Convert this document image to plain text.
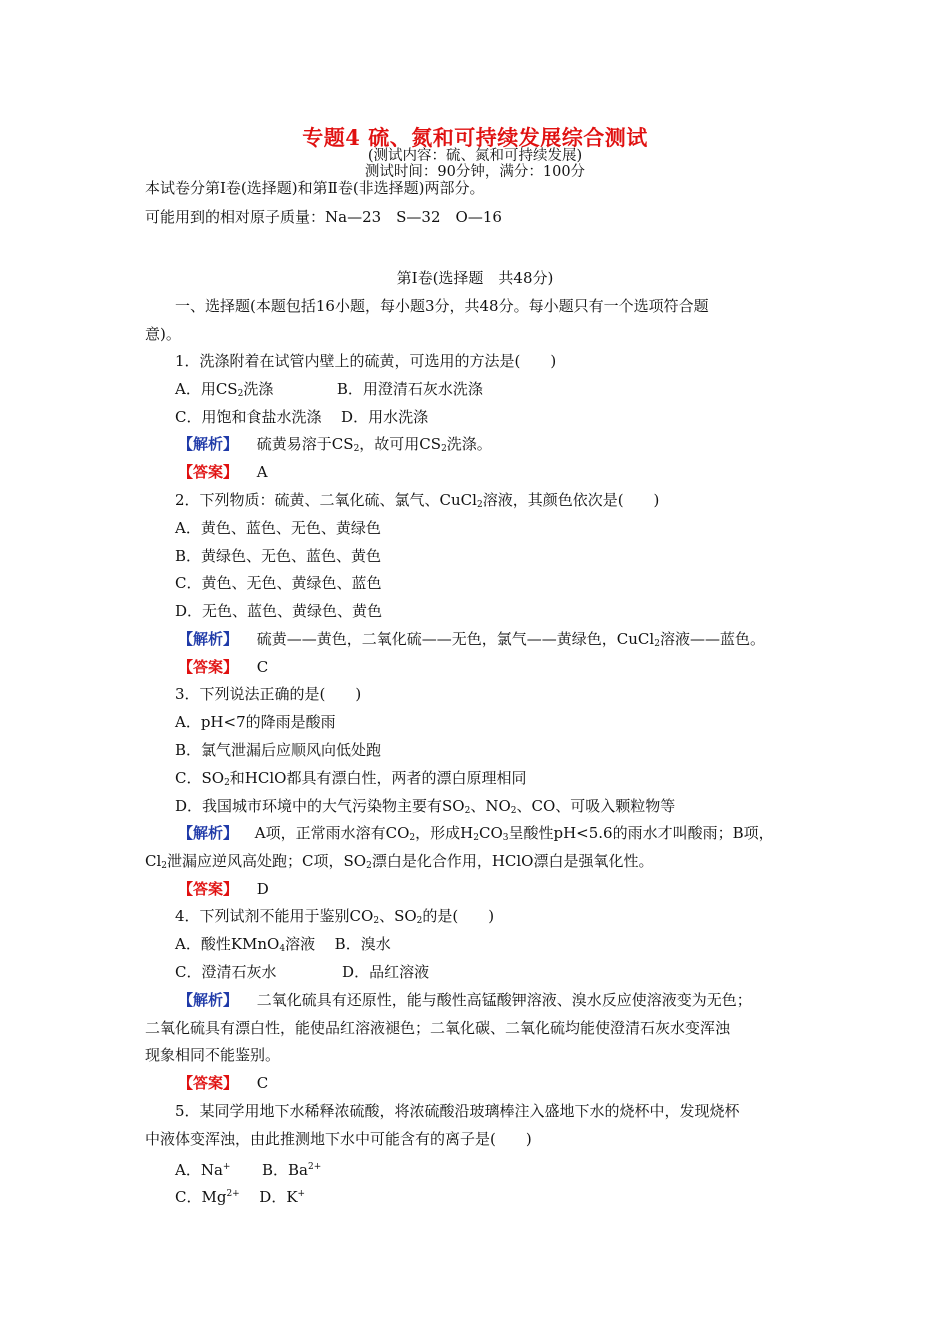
专题4 硫、氮和可持续发展综合测试
(测试内容：硫、氮和可持续发展)
测试时间：90分钟，满分：100分
本试卷分第Ⅰ卷(选择题)和第Ⅱ卷(非选择题)两部分。
可能用到的相对原子质量：Na—23　S—32　O—16
第Ⅰ卷(选择题　共48分)
一、选择题(本题包括16小题，每小题3分，共48分。每小题只有一个选项符合题
意)。
1．洗涤附着在试管内壁上的硫黄，可选用的方法是(　　)
A．用$CS_2$洗涤	B．用澄清石灰水洗涤
C．用饱和食盐水洗涤 D．用水洗涤
【解析】 硫黄易溶于$CS_2$，故可用$CS_2$洗涤。
【答案】 A
2．下列物质：硫黄、二氧化硫、氯气、CuCl$_2$溶液，其颜色依次是(　　)
A．黄色、蓝色、无色、黄绿色
B．黄绿色、无色、蓝色、黄色
C．黄色、无色、黄绿色、蓝色
D．无色、蓝色、黄绿色、黄色
【解析】 硫黄——黄色，二氧化硫——无色，氯气——黄绿色，CuCl$_2$溶液——蓝色。
【答案】 C
3．下列说法正确的是(　　)
A．pH<7的降雨是酸雨
B．氯气泄漏后应顺风向低处跑
C．$SO_2$和HClO都具有漂白性，两者的漂白原理相同
D．我国城市环境中的大气污染物主要有$SO_2$、$NO_2$、CO、可吸入颗粒物等
【解析】 A项，正常雨水溶有$CO_2$，形成$H_2CO_3$呈酸性pH<5.6的雨水才叫酸雨；B项，
$Cl_2$泄漏应逆风高处跑；C项，$SO_2$漂白是化合作用，HClO漂白是强氧化性。
【答案】 D
4．下列试剂不能用于鉴别$CO_2$、$SO_2$的是(　　)
A．酸性KMnO$_4$溶液 B．溴水
C．澄清石灰水	D．品红溶液
【解析】 二氧化硫具有还原性，能与酸性高锰酸钾溶液、溴水反应使溶液变为无色；
二氧化硫具有漂白性，能使品红溶液褪色；二氧化碳、二氧化硫均能使澄清石灰水变浑浊
现象相同不能鉴别。
【答案】 C
5．某同学用地下水稀释浓硫酸，将浓硫酸沿玻璃棒注入盛地下水的烧杯中，发现烧杯
中液体变浑浊，由此推测地下水中可能含有的离子是(　　)
A．Na+ B．$Ba^{2+}$
C．$Mg^{2+}$ D．K+
